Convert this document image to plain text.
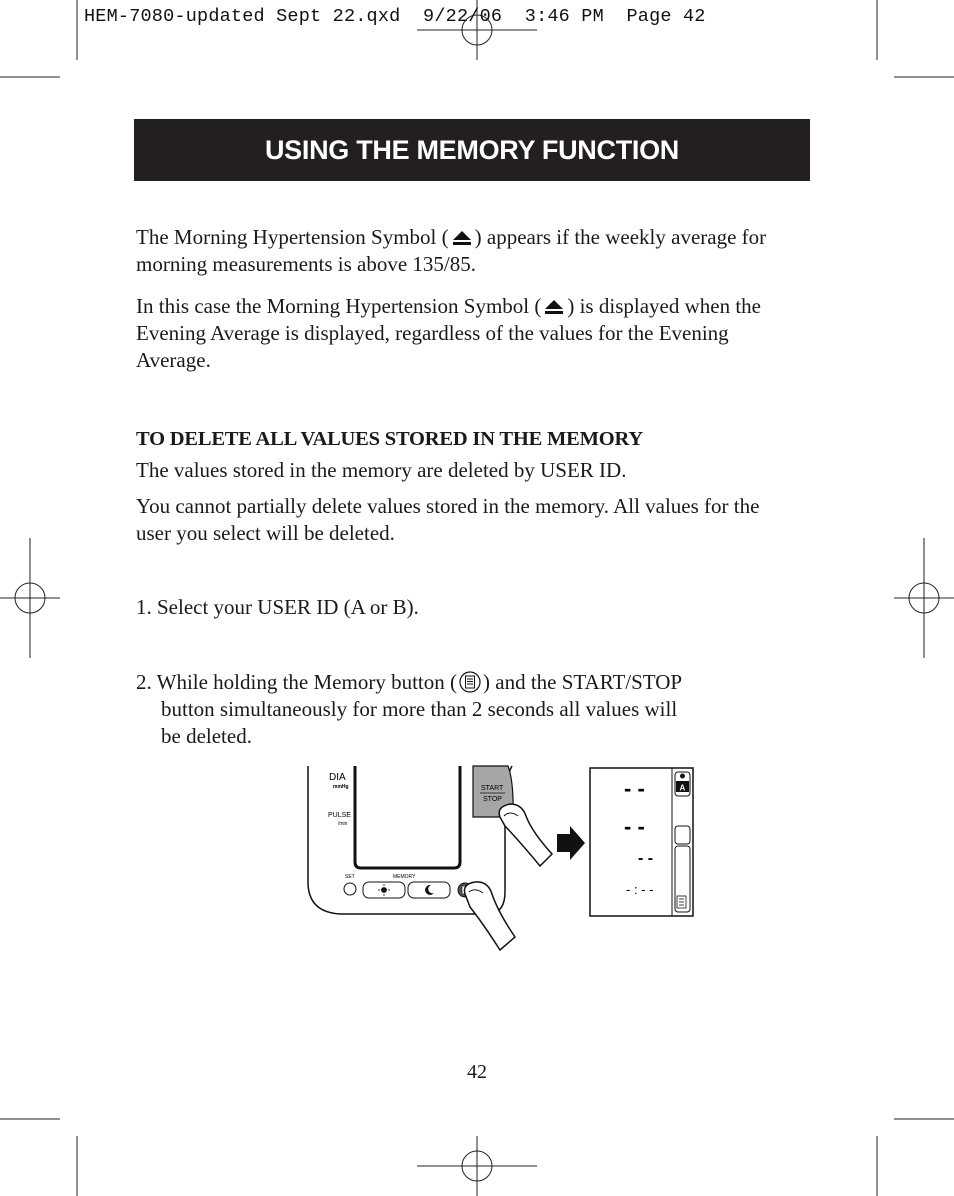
HEM-7080-updated Sept 22.qxd  9/22/06  3:46 PM  Page 42
USING THE MEMORY FUNCTION

The Morning Hypertension Symbol ( ) appears if the weekly average for morning measurements is above 135/85.

In this case the Morning Hypertension Symbol ( ) is displayed when the Evening Average is displayed, regardless of the values for the Evening Average.

TO DELETE ALL VALUES STORED IN THE MEMORY

The values stored in the memory are deleted by USER ID.

You cannot partially delete values stored in the memory. All values for the user you select will be deleted.

1. Select your USER ID (A or B).

2. While holding the Memory button ( ) and the START/STOP
button simultaneously for more than 2 seconds all values will
be deleted.

DIA
mmHg
PULSE
/min
START
STOP
SET	MEMORY
A
- -
- -
- -
- : - -
42
